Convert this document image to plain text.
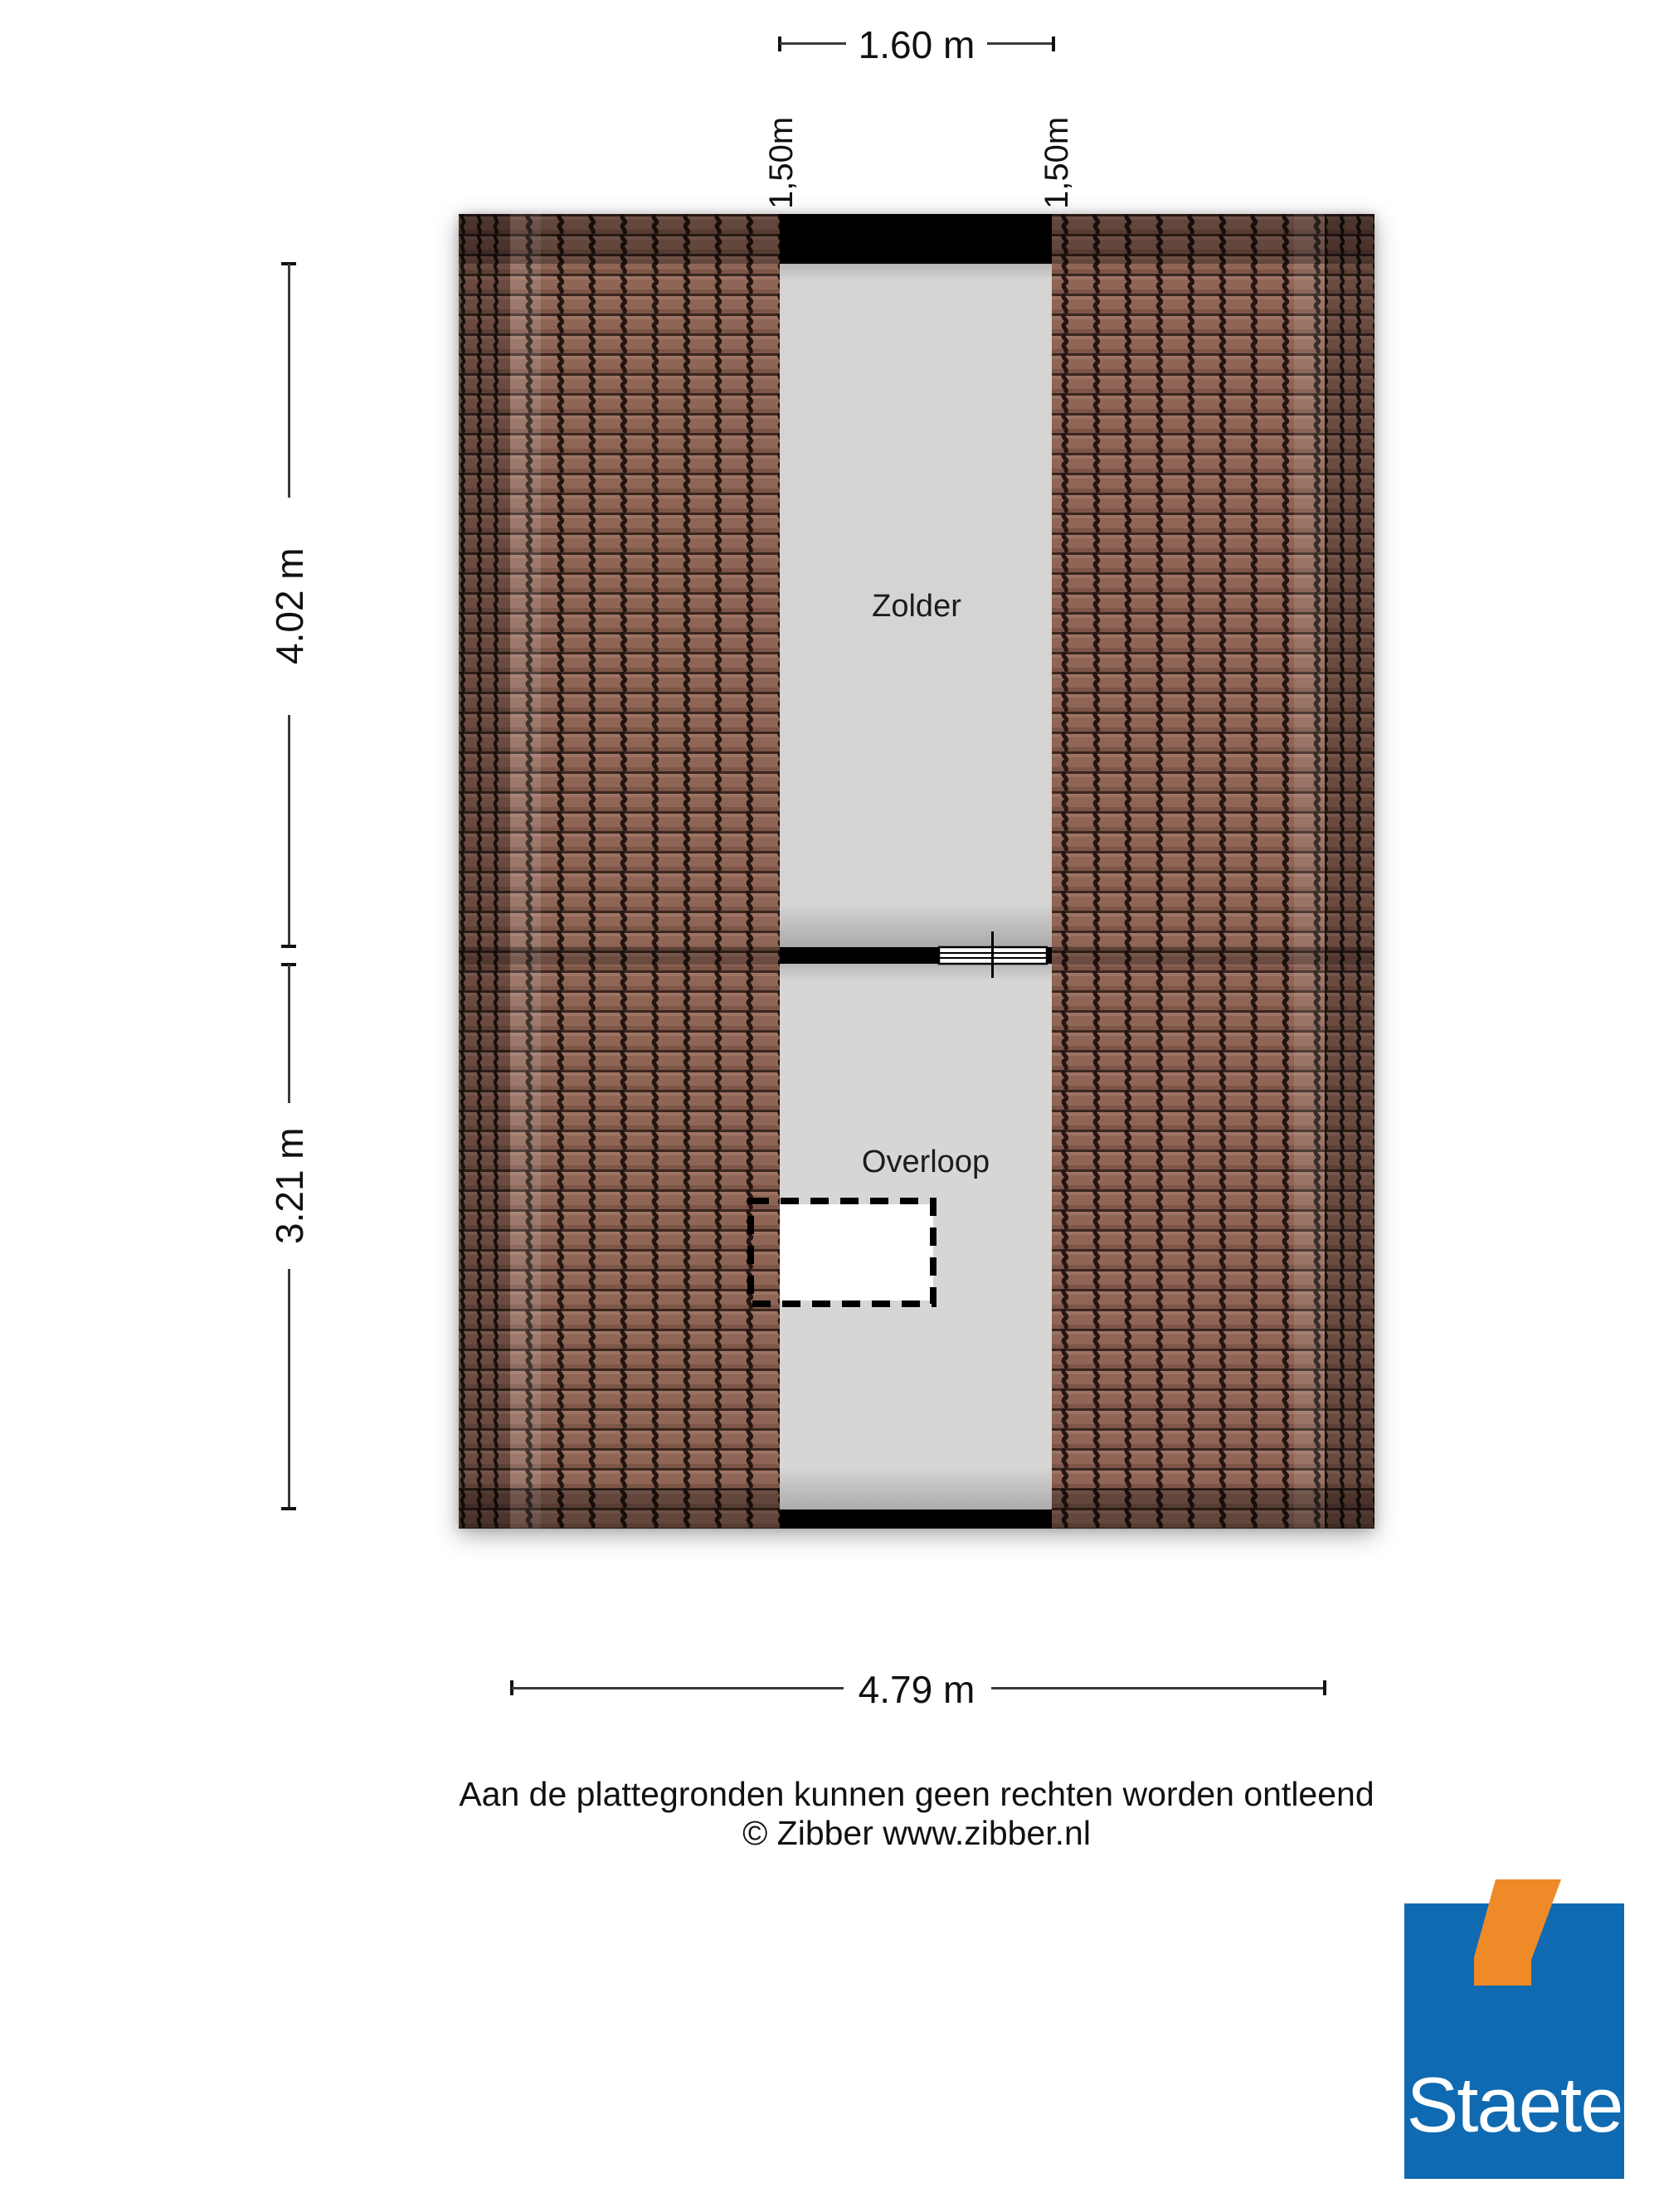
1.60 m
1,50m	1,50m
4.02 m
3.21 m
Zolder
Overloop
4.79 m
Aan de plattegronden kunnen geen rechten worden ontleend
© Zibber www.zibber.nl
Staete
